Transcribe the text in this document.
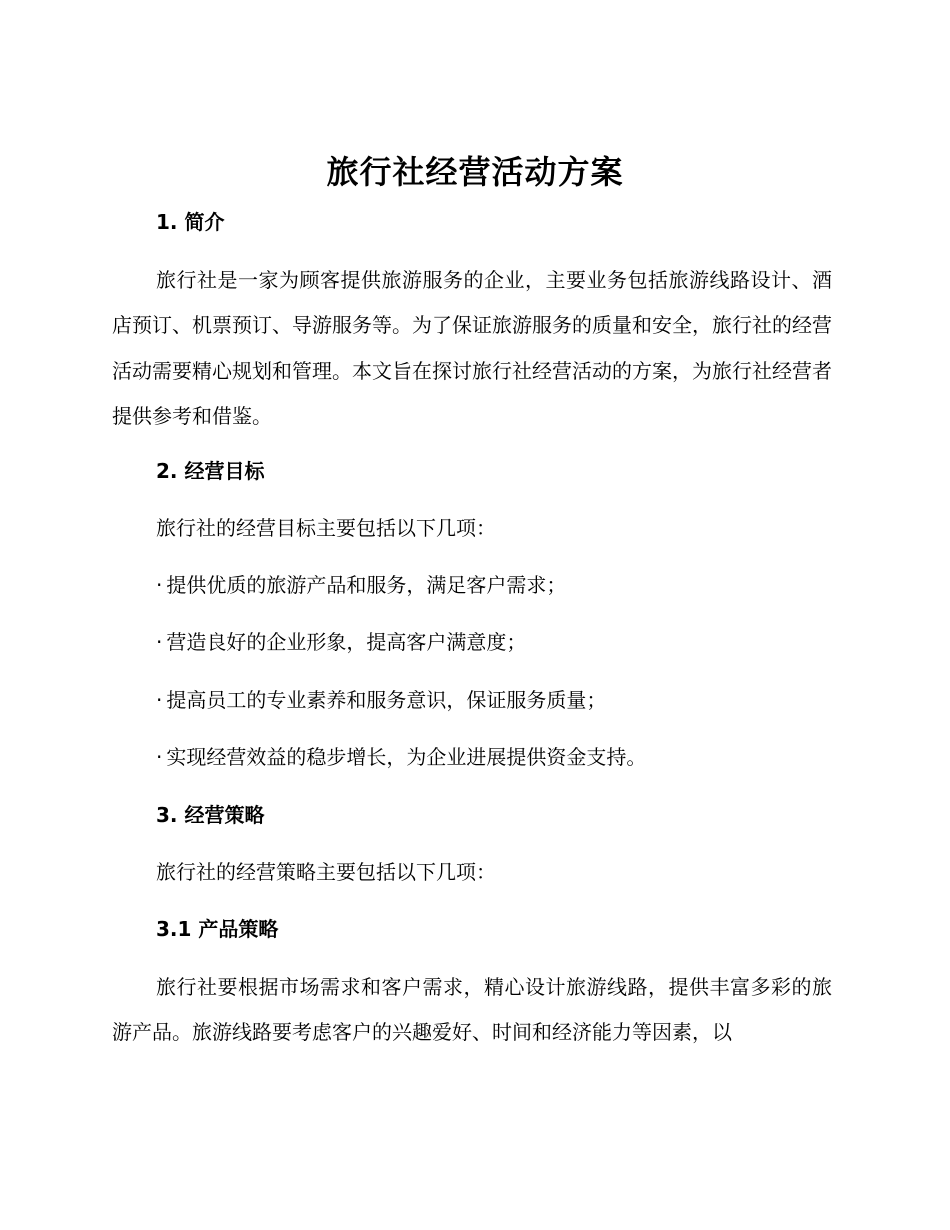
旅行社经营活动方案
1. 简介
旅行社是一家为顾客提供旅游服务的企业，主要业务包括旅游线路设计、酒店预订、机票预订、导游服务等。为了保证旅游服务的质量和安全，旅行社的经营活动需要精心规划和管理。本文旨在探讨旅行社经营活动的方案，为旅行社经营者提供参考和借鉴。
2. 经营目标
旅行社的经营目标主要包括以下几项：
· 提供优质的旅游产品和服务，满足客户需求；
· 营造良好的企业形象，提高客户满意度；
· 提高员工的专业素养和服务意识，保证服务质量；
· 实现经营效益的稳步增长，为企业进展提供资金支持。
3. 经营策略
旅行社的经营策略主要包括以下几项：
3.1 产品策略
旅行社要根据市场需求和客户需求，精心设计旅游线路，提供丰富多彩的旅游产品。旅游线路要考虑客户的兴趣爱好、时间和经济能力等因素，以
